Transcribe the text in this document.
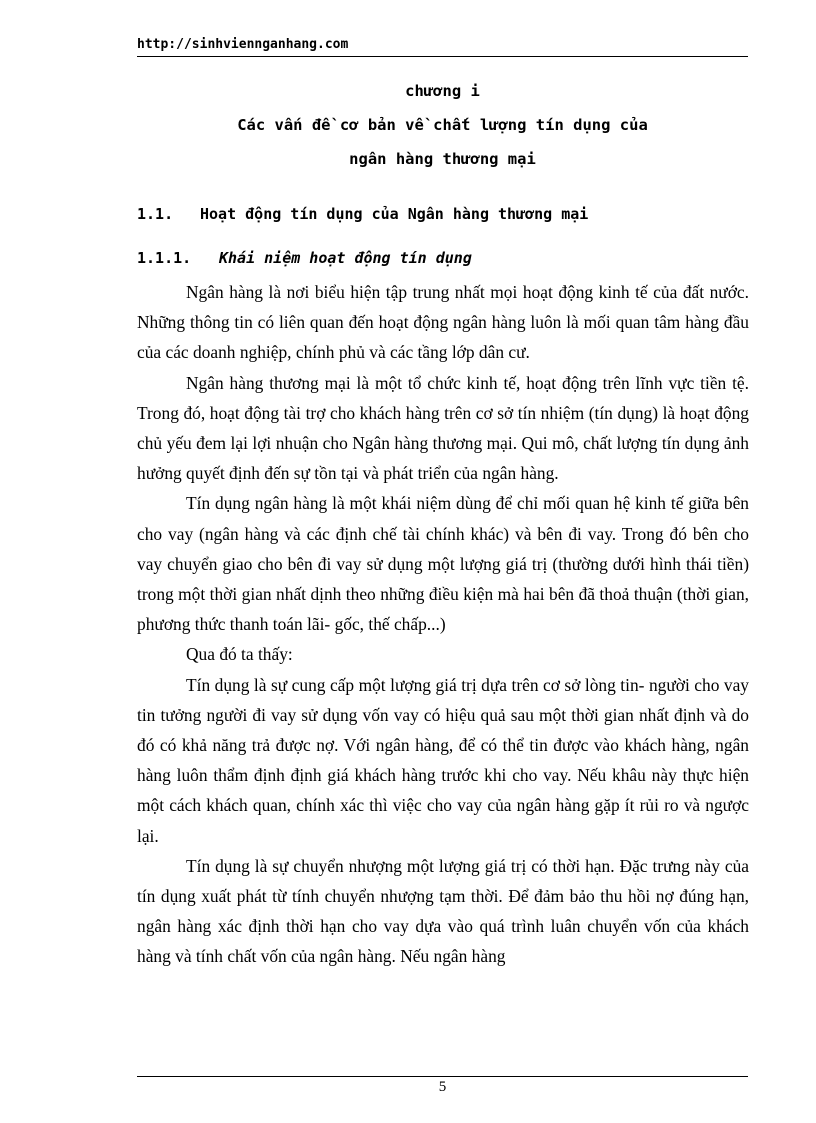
http://sinhviennganhang.com
chương i
Các vấn đề cơ bản về chất lượng tín dụng của
ngân hàng thương mại
1.1. Hoạt động tín dụng của Ngân hàng thương mại
1.1.1. Khái niệm hoạt động tín dụng

Ngân hàng là nơi biểu hiện tập trung nhất mọi hoạt động kinh tế của đất nước. Những thông tin có liên quan đến hoạt động ngân hàng luôn là mối quan tâm hàng đầu của các doanh nghiệp, chính phủ và các tầng lớp dân cư.

Ngân hàng thương mại là một tổ chức kinh tế, hoạt động trên lĩnh vực tiền tệ. Trong đó, hoạt động tài trợ cho khách hàng trên cơ sở tín nhiệm (tín dụng) là hoạt động chủ yếu đem lại lợi nhuận cho Ngân hàng thương mại. Qui mô, chất lượng tín dụng ảnh hưởng quyết định đến sự tồn tại và phát triển của ngân hàng.

Tín dụng ngân hàng là một khái niệm dùng để chỉ mối quan hệ kinh tế giữa bên cho vay (ngân hàng và các định chế tài chính khác) và bên đi vay. Trong đó bên cho vay chuyển giao cho bên đi vay sử dụng một lượng giá trị (thường dưới hình thái tiền) trong một thời gian nhất dịnh theo những điều kiện mà hai bên đã thoả thuận (thời gian, phương thức thanh toán lãi- gốc, thế chấp...)

Qua đó ta thấy:

Tín dụng là sự cung cấp một lượng giá trị dựa trên cơ sở lòng tin- người cho vay tin tưởng người đi vay sử dụng vốn vay có hiệu quả sau một thời gian nhất định và do đó có khả năng trả được nợ. Với ngân hàng, để có thể tin được vào khách hàng, ngân hàng luôn thẩm định định giá khách hàng trước khi cho vay. Nếu khâu này thực hiện một cách khách quan, chính xác thì việc cho vay của ngân hàng gặp ít rủi ro và ngược lại.

Tín dụng là sự chuyển nhượng một lượng giá trị có thời hạn. Đặc trưng này của tín dụng xuất phát từ tính chuyển nhượng tạm thời. Để đảm bảo thu hồi nợ đúng hạn, ngân hàng xác định thời hạn cho vay dựa vào quá trình luân chuyển vốn của khách hàng và tính chất vốn của ngân hàng. Nếu ngân hàng

5
